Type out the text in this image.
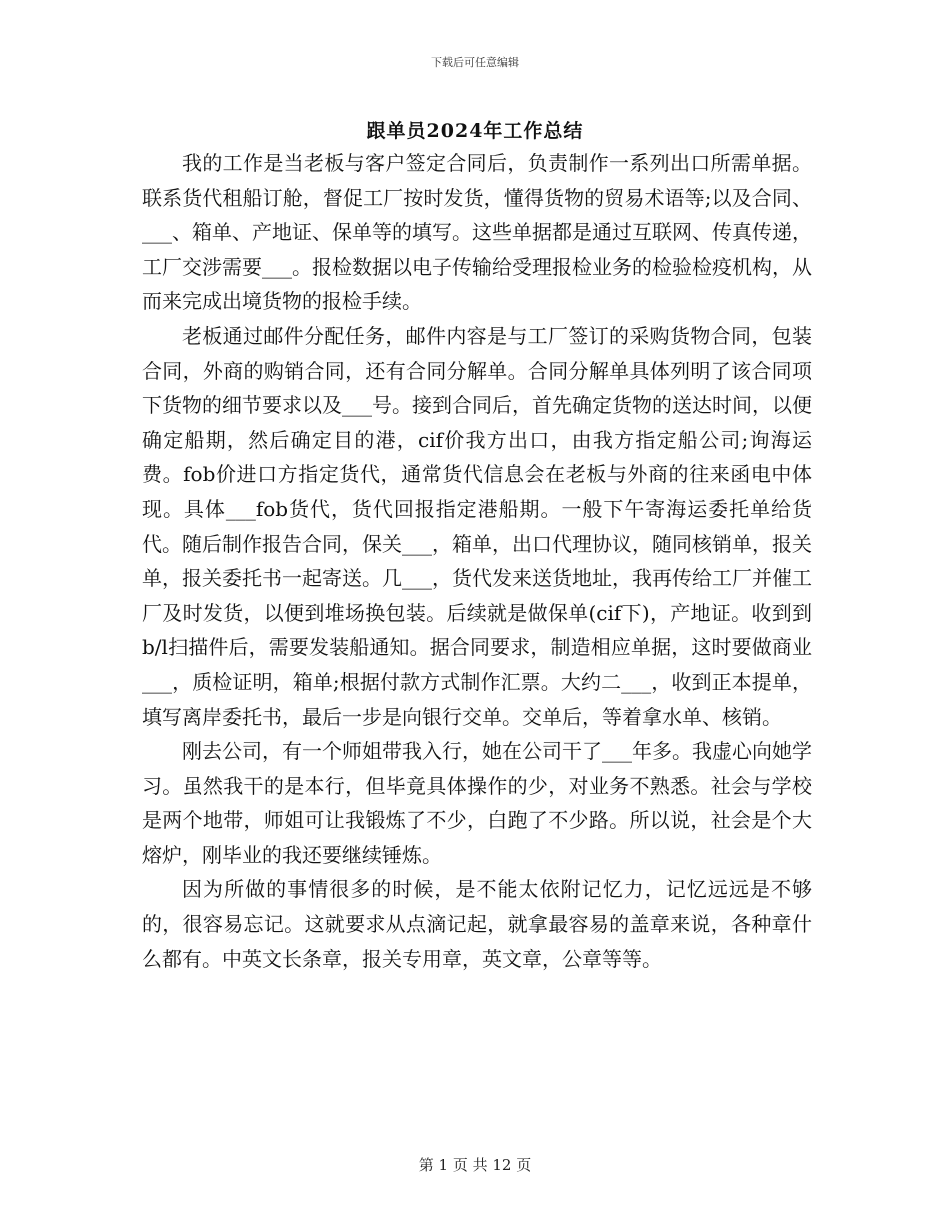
下载后可任意编辑
跟单员2024年工作总结

我的工作是当老板与客户签定合同后，负责制作一系列出口所需单据。联系货代租船订舱，督促工厂按时发货，懂得货物的贸易术语等;以及合同、___、箱单、产地证、保单等的填写。这些单据都是通过互联网、传真传递，工厂交涉需要___。报检数据以电子传输给受理报检业务的检验检疫机构，从而来完成出境货物的报检手续。

老板通过邮件分配任务，邮件内容是与工厂签订的采购货物合同，包装合同，外商的购销合同，还有合同分解单。合同分解单具体列明了该合同项下货物的细节要求以及___号。接到合同后，首先确定货物的送达时间，以便确定船期，然后确定目的港，cif价我方出口，由我方指定船公司;询海运费。fob价进口方指定货代，通常货代信息会在老板与外商的往来函电中体现。具体___fob货代，货代回报指定港船期。一般下午寄海运委托单给货代。随后制作报告合同，保关___，箱单，出口代理协议，随同核销单，报关单，报关委托书一起寄送。几___，货代发来送货地址，我再传给工厂并催工厂及时发货，以便到堆场换包装。后续就是做保单(cif下)，产地证。收到到b/l扫描件后，需要发装船通知。据合同要求，制造相应单据，这时要做商业___，质检证明，箱单;根据付款方式制作汇票。大约二___，收到正本提单，填写离岸委托书，最后一步是向银行交单。交单后，等着拿水单、核销。

刚去公司，有一个师姐带我入行，她在公司干了___年多。我虚心向她学习。虽然我干的是本行，但毕竟具体操作的少，对业务不熟悉。社会与学校是两个地带，师姐可让我锻炼了不少，白跑了不少路。所以说，社会是个大熔炉，刚毕业的我还要继续锤炼。

因为所做的事情很多的时候，是不能太依附记忆力，记忆远远是不够的，很容易忘记。这就要求从点滴记起，就拿最容易的盖章来说，各种章什么都有。中英文长条章，报关专用章，英文章，公章等等。

第 1 页 共 12 页
